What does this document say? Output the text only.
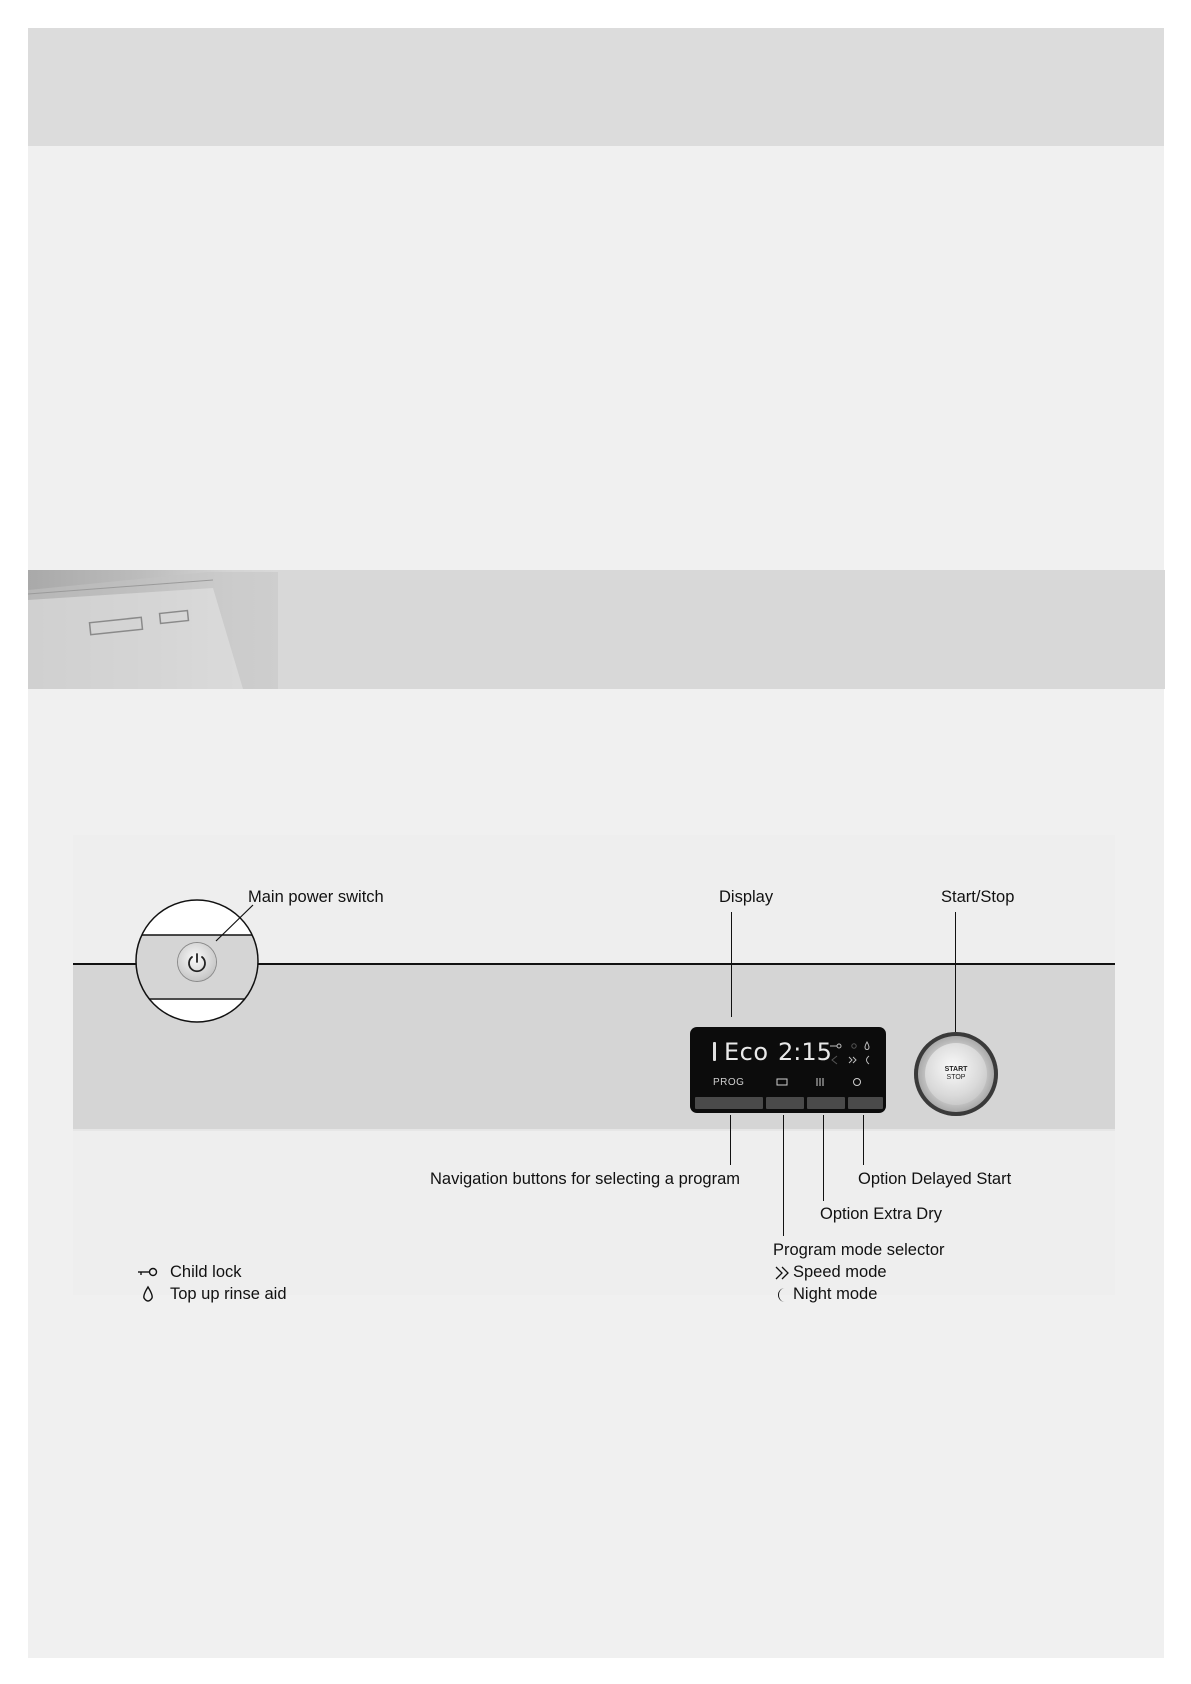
Main power switch	Display
Eco 2:15
PROG
Start/Stop
START
STOP
Navigation buttons for selecting a program	Option Delayed Start
Option Extra Dry
Program mode selector
Speed mode
Night mode
Child lock
Top up rinse aid
